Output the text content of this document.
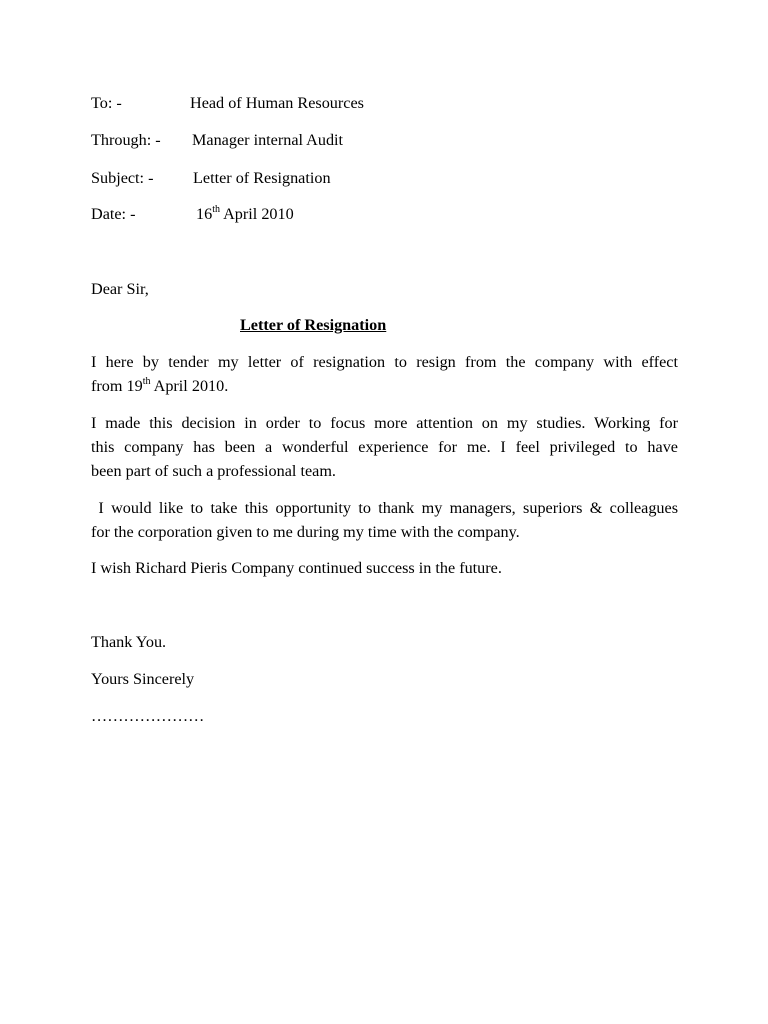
To: -	Head of Human Resources
Through: - Manager internal Audit
Subject: - Letter of Resignation
Date: -	16th April 2010
Dear Sir,
Letter of Resignation
I here by tender my letter of resignation to resign from the company with effect
from 19th April 2010.
I made this decision in order to focus more attention on my studies. Working for
this company has been a wonderful experience for me. I feel privileged to have
been part of such a professional team.
I would like to take this opportunity to thank my managers, superiors & colleagues
for the corporation given to me during my time with the company.
I wish Richard Pieris Company continued success in the future.
Thank You.
Yours Sincerely
…………………
